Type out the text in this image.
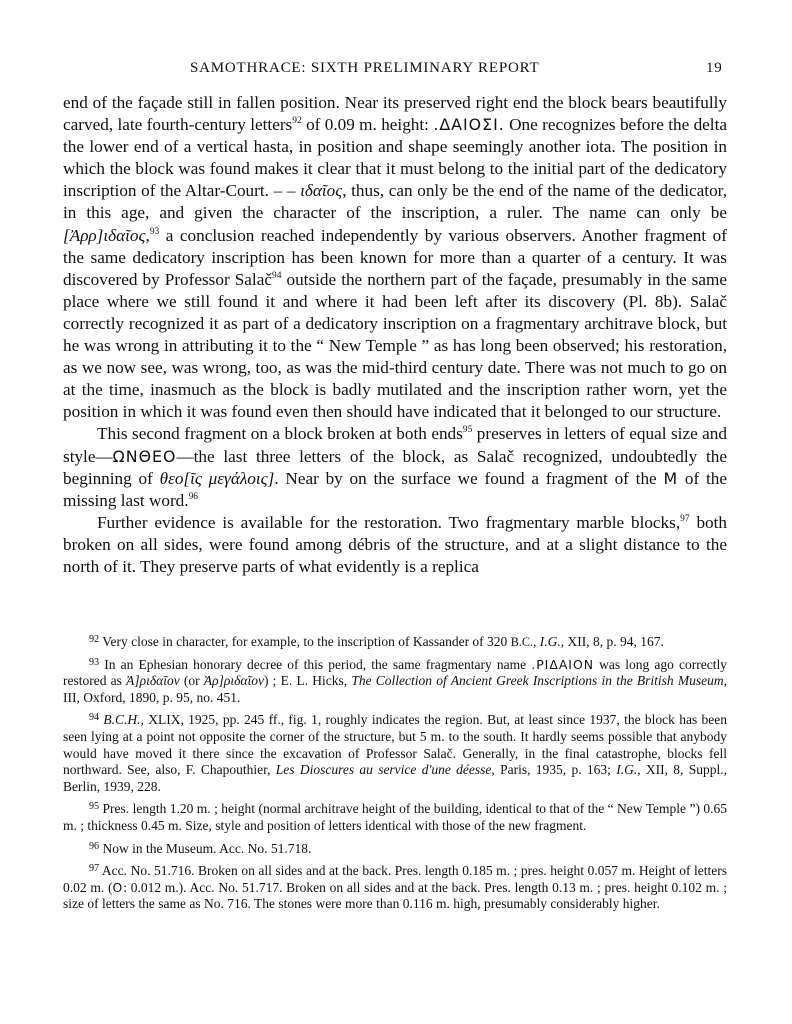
SAMOTHRACE: SIXTH PRELIMINARY REPORT	19

end of the façade still in fallen position. Near its preserved right end the block bears beautifully carved, late fourth-century letters$^{92}$ of 0.09 m. height: .ΔΑΙΟΣΙ. One recognizes before the delta the lower end of a vertical hasta, in position and shape seemingly another iota. The position in which the block was found makes it clear that it must belong to the initial part of the dedicatory inscription of the Altar-Court. – – ιδαῖος, thus, can only be the end of the name of the dedicator, in this age, and given the character of the inscription, a ruler. The name can only be [Ἀρρ]ιδαῖος,$^{93}$ a conclusion reached independently by various observers. Another fragment of the same dedicatory inscription has been known for more than a quarter of a century. It was discovered by Professor Salač$^{94}$ outside the northern part of the façade, presumably in the same place where we still found it and where it had been left after its discovery (Pl. 8b). Salač correctly recognized it as part of a dedicatory inscription on a fragmentary architrave block, but he was wrong in attributing it to the “ New Temple ” as has long been observed; his restoration, as we now see, was wrong, too, as was the mid-third century date. There was not much to go on at the time, inasmuch as the block is badly mutilated and the inscription rather worn, yet the position in which it was found even then should have indicated that it belonged to our structure.

This second fragment on a block broken at both ends$^{95}$ preserves in letters of equal size and style—ΩΝΘΕΟ—the last three letters of the block, as Salač recognized, undoubtedly the beginning of θεο[ῖς μεγάλοις]. Near by on the surface we found a fragment of the M of the missing last word.$^{96}$

Further evidence is available for the restoration. Two fragmentary marble blocks,$^{97}$ both broken on all sides, were found among débris of the structure, and at a slight distance to the north of it. They preserve parts of what evidently is a replica

$^{92}$ Very close in character, for example, to the inscription of Kassander of 320 B.C., I.G., XII, 8, p. 94, 167.

$^{93}$ In an Ephesian honorary decree of this period, the same fragmentary name .ΡΙΔΑΙΟΝ was long ago correctly restored as Ἀ]ριδαῖον (or Ἀρ]ριδαῖον) ; E. L. Hicks, The Collection of Ancient Greek Inscriptions in the British Museum, III, Oxford, 1890, p. 95, no. 451.

$^{94}$ B.C.H., XLIX, 1925, pp. 245 ff., fig. 1, roughly indicates the region. But, at least since 1937, the block has been seen lying at a point not opposite the corner of the structure, but 5 m. to the south. It hardly seems possible that anybody would have moved it there since the excavation of Professor Salač. Generally, in the final catastrophe, blocks fell northward. See, also, F. Chapouthier, Les Dioscures au service d'une déesse, Paris, 1935, p. 163; I.G., XII, 8, Suppl., Berlin, 1939, 228.

$^{95}$ Pres. length 1.20 m. ; height (normal architrave height of the building, identical to that of the “ New Temple ”) 0.65 m. ; thickness 0.45 m. Size, style and position of letters identical with those of the new fragment.

$^{96}$ Now in the Museum. Acc. No. 51.718.

$^{97}$ Acc. No. 51.716. Broken on all sides and at the back. Pres. length 0.185 m. ; pres. height 0.057 m. Height of letters 0.02 m. (O: 0.012 m.). Acc. No. 51.717. Broken on all sides and at the back. Pres. length 0.13 m. ; pres. height 0.102 m. ; size of letters the same as No. 716. The stones were more than 0.116 m. high, presumably considerably higher.
